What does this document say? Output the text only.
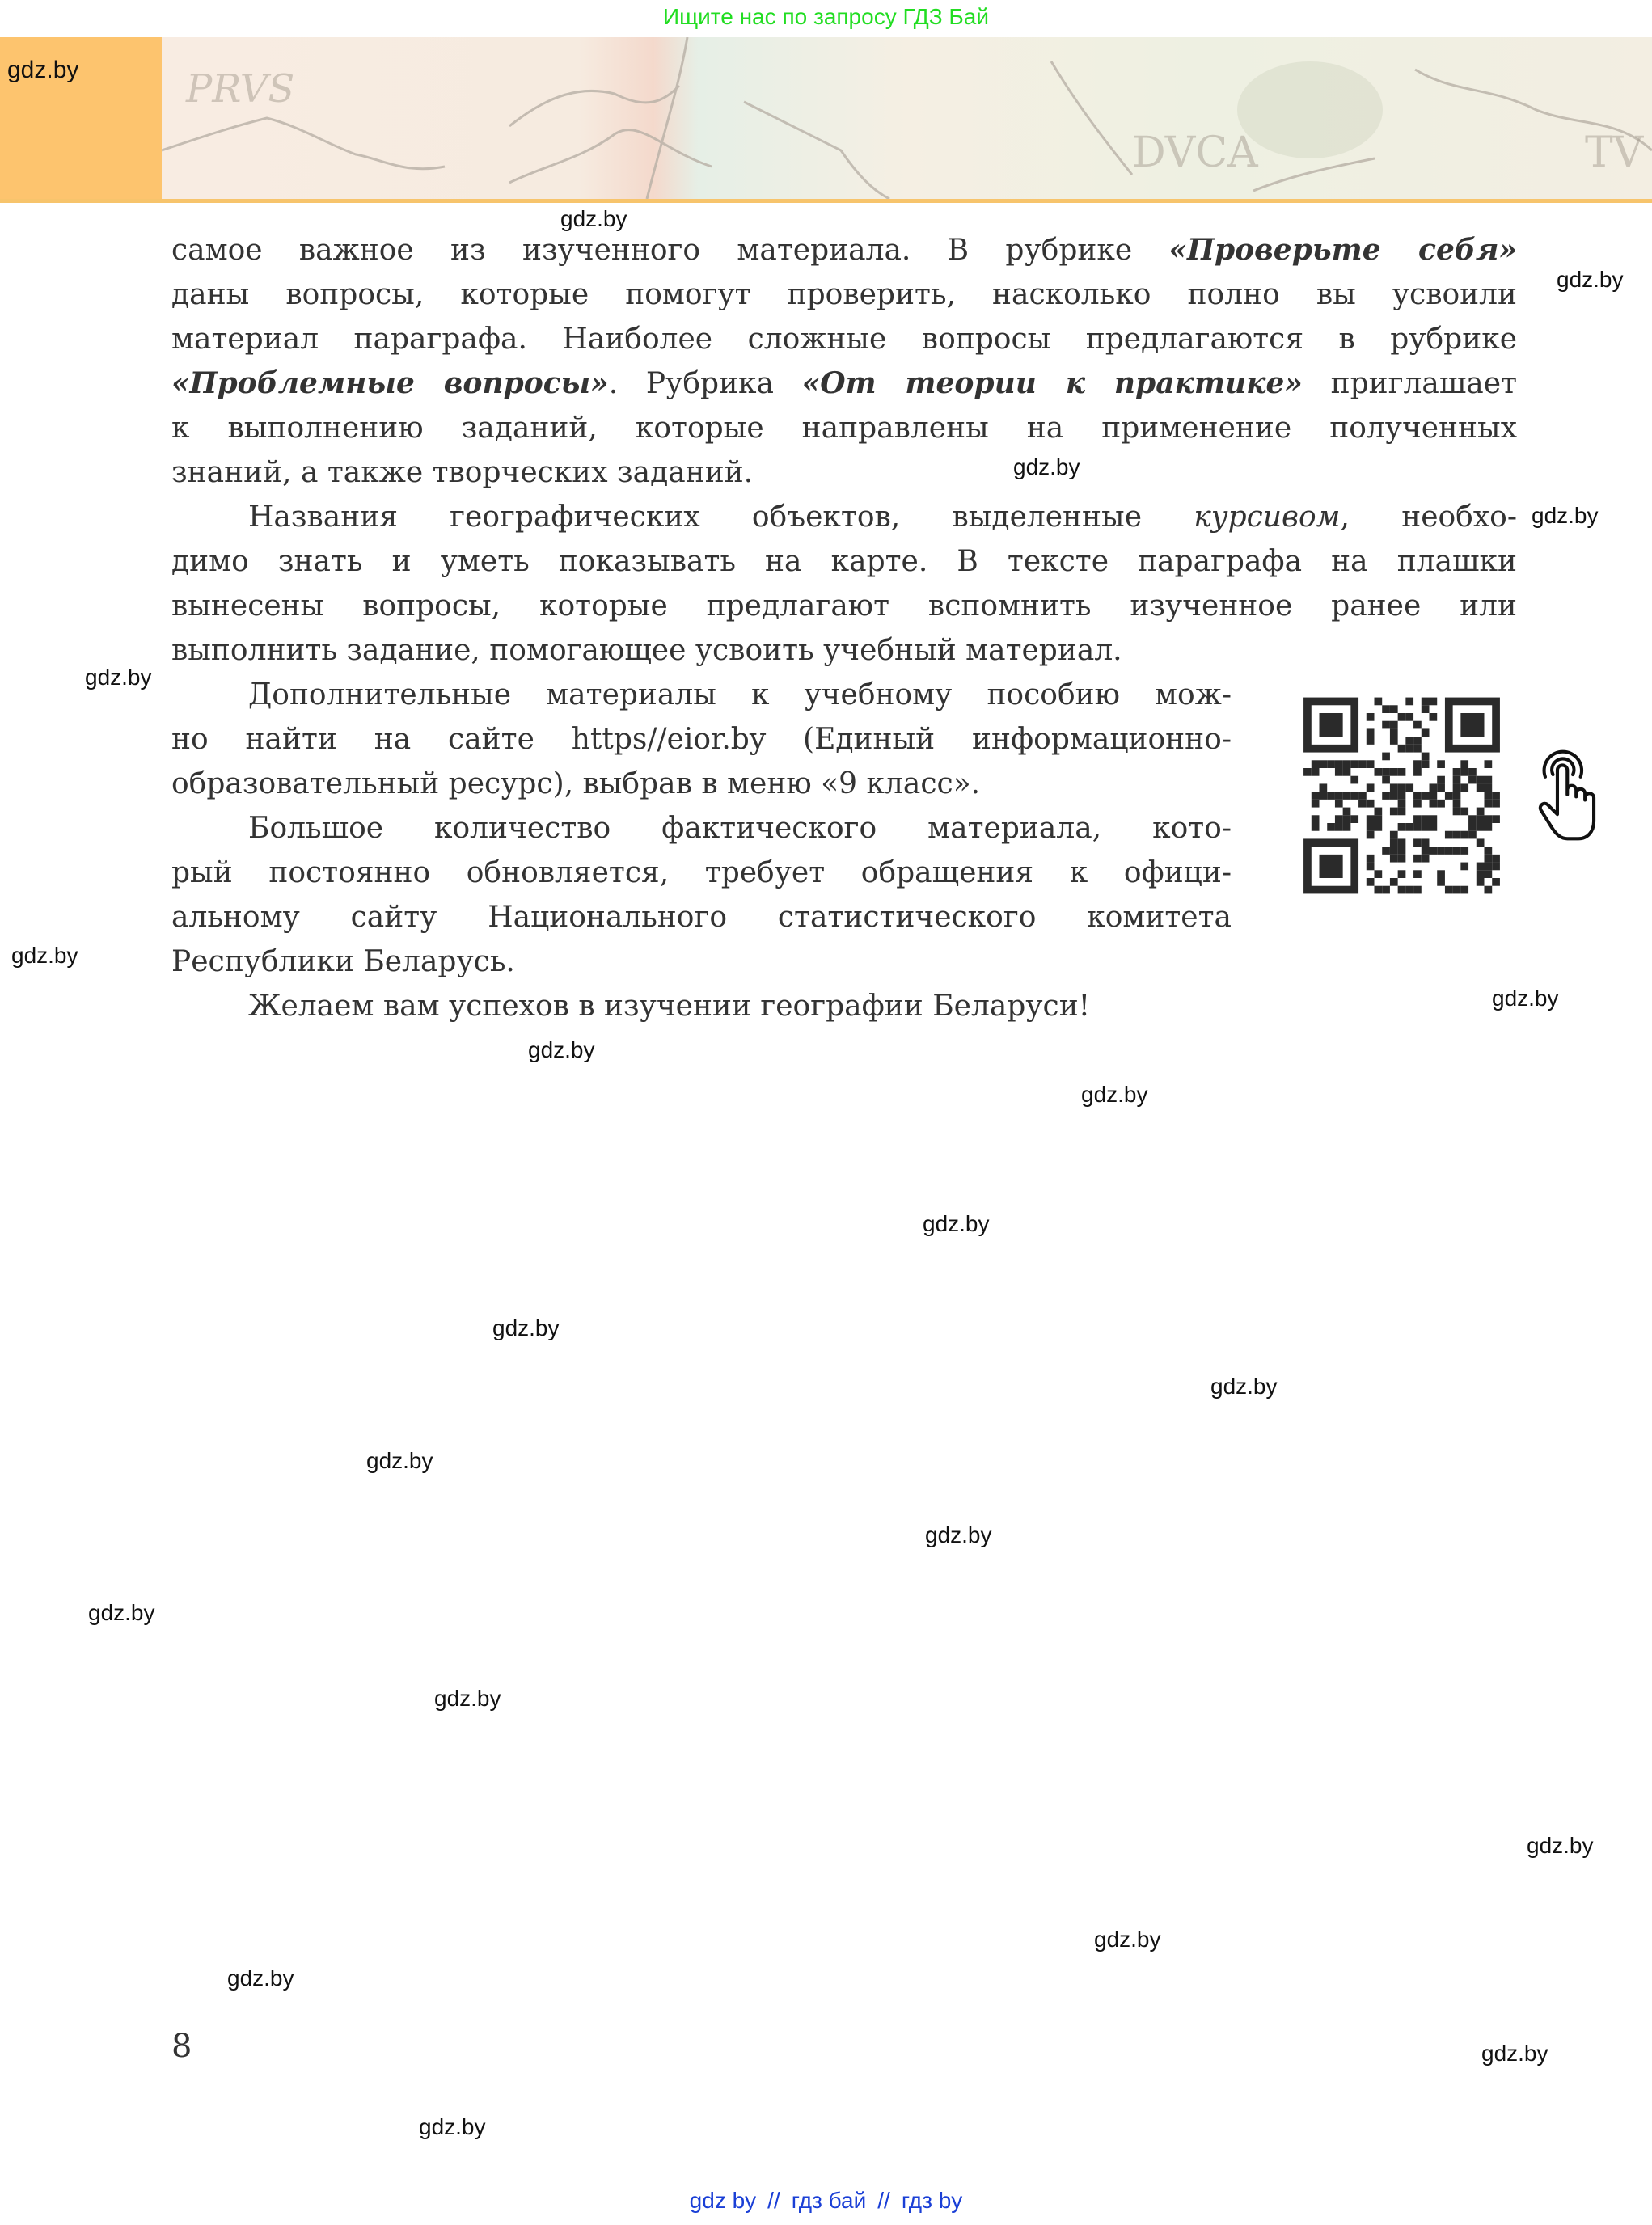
Ищите нас по запросу ГДЗ Бай
gdz.by	PRVS
DVCA	TV
самое важное из изученного материала. В рубрике «Проверьте себя»
даны вопросы, которые помогут проверить, насколько полно вы усвоили
материал параграфа. Наиболее сложные вопросы предлагаются в рубрике
«Проблемные вопросы». Рубрика «От теории к практике» приглашает
к выполнению заданий, которые направлены на применение полученных
знаний, а также творческих заданий.
Названия географических объектов, выделенные курсивом, необхо-
димо знать и уметь показывать на карте. В тексте параграфа на плашки
вынесены вопросы, которые предлагают вспомнить изученное ранее или
выполнить задание, помогающее усвоить учебный материал.
Дополнительные материалы к учебному пособию мож-
но найти на сайте https//eior.by (Единый информационно-
образовательный ресурс), выбрав в меню «9 класс».
Большое количество фактического материала, кото-
рый постоянно обновляется, требует обращения к офици-
альному сайту Национального статистического комитета
Республики Беларусь.
Желаем вам успехов в изучении географии Беларуси!
8
gdz.by
gdz.by
gdz.by
gdz.by
gdz.by
gdz.by
gdz.by
gdz.by
gdz.by
gdz.by
gdz.by
gdz.by
gdz.by
gdz.by
gdz.by
gdz.by
gdz.by
gdz.by
gdz.by
gdz.by
gdz.by
gdz by // гдз бай // гдз by
